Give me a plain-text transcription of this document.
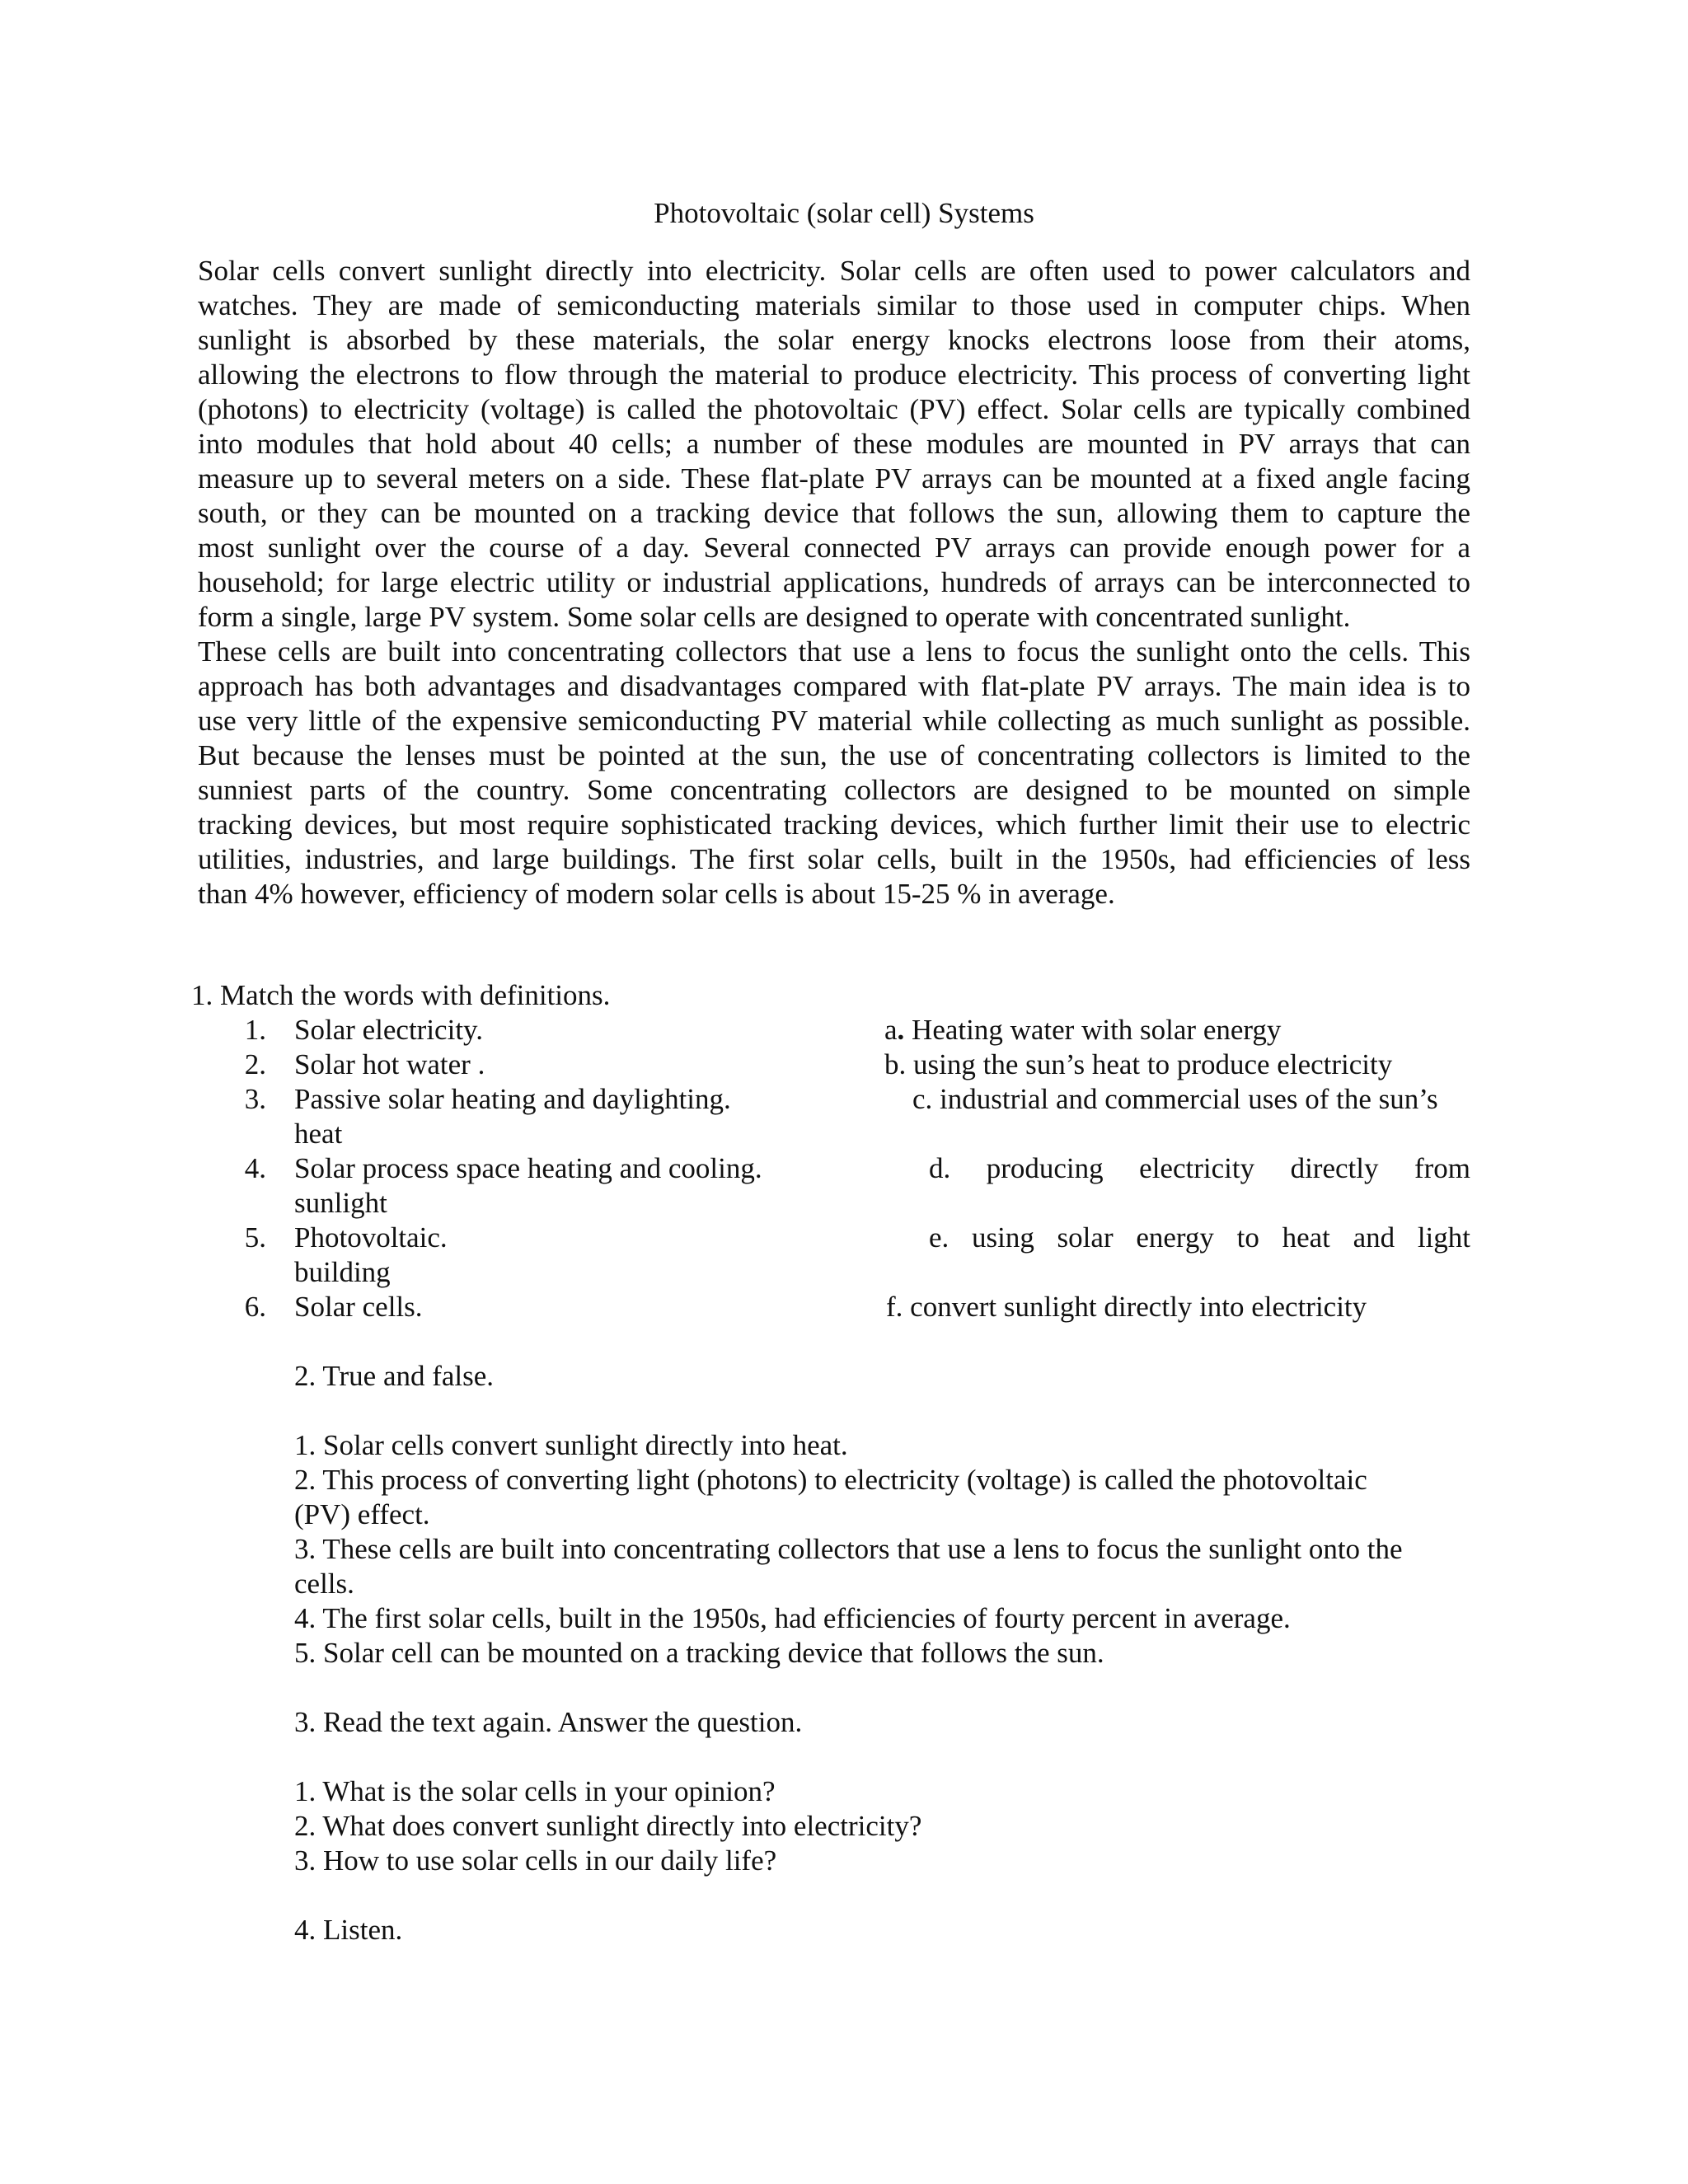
Photovoltaic (solar cell) Systems
Solar cells convert sunlight directly into electricity. Solar cells are often used to power calculators and
watches. They are made of semiconducting materials similar to those used in computer chips. When
sunlight is absorbed by these materials, the solar energy knocks electrons loose from their atoms,
allowing the electrons to flow through the material to produce electricity. This process of converting light
(photons) to electricity (voltage) is called the photovoltaic (PV) effect. Solar cells are typically combined
into modules that hold about 40 cells; a number of these modules are mounted in PV arrays that can
measure up to several meters on a side. These flat-plate PV arrays can be mounted at a fixed angle facing
south, or they can be mounted on a tracking device that follows the sun, allowing them to capture the
most sunlight over the course of a day. Several connected PV arrays can provide enough power for a
household; for large electric utility or industrial applications, hundreds of arrays can be interconnected to
form a single, large PV system. Some solar cells are designed to operate with concentrated sunlight.
These cells are built into concentrating collectors that use a lens to focus the sunlight onto the cells. This
approach has both advantages and disadvantages compared with flat-plate PV arrays. The main idea is to
use very little of the expensive semiconducting PV material while collecting as much sunlight as possible.
But because the lenses must be pointed at the sun, the use of concentrating collectors is limited to the
sunniest parts of the country. Some concentrating collectors are designed to be mounted on simple
tracking devices, but most require sophisticated tracking devices, which further limit their use to electric
utilities, industries, and large buildings. The first solar cells, built in the 1950s, had efficiencies of less
than 4% however, efficiency of modern solar cells is about 15-25 % in average.
1. Match the words with definitions.
1. Solar electricity.
2. Solar hot water .
3. Passive solar heating and daylighting.
heat
4. Solar process space heating and cooling.
sunlight
5. Photovoltaic.
building
6. Solar cells.
a. Heating water with solar energy
b. using the sun’s heat to produce electricity
c. industrial and commercial uses of the sun’s
d. producing electricity directly from
e. using solar energy to heat and light
f. convert sunlight directly into electricity
2. True and false.
1. Solar cells convert sunlight directly into heat.
2. This process of converting light (photons) to electricity (voltage) is called the photovoltaic
(PV) effect.
3. These cells are built into concentrating collectors that use a lens to focus the sunlight onto the
cells.
4. The first solar cells, built in the 1950s, had efficiencies of fourty percent in average.
5. Solar cell can be mounted on a tracking device that follows the sun.
3. Read the text again. Answer the question.
1. What is the solar cells in your opinion?
2. What does convert sunlight directly into electricity?
3. How to use solar cells in our daily life?
4. Listen.
